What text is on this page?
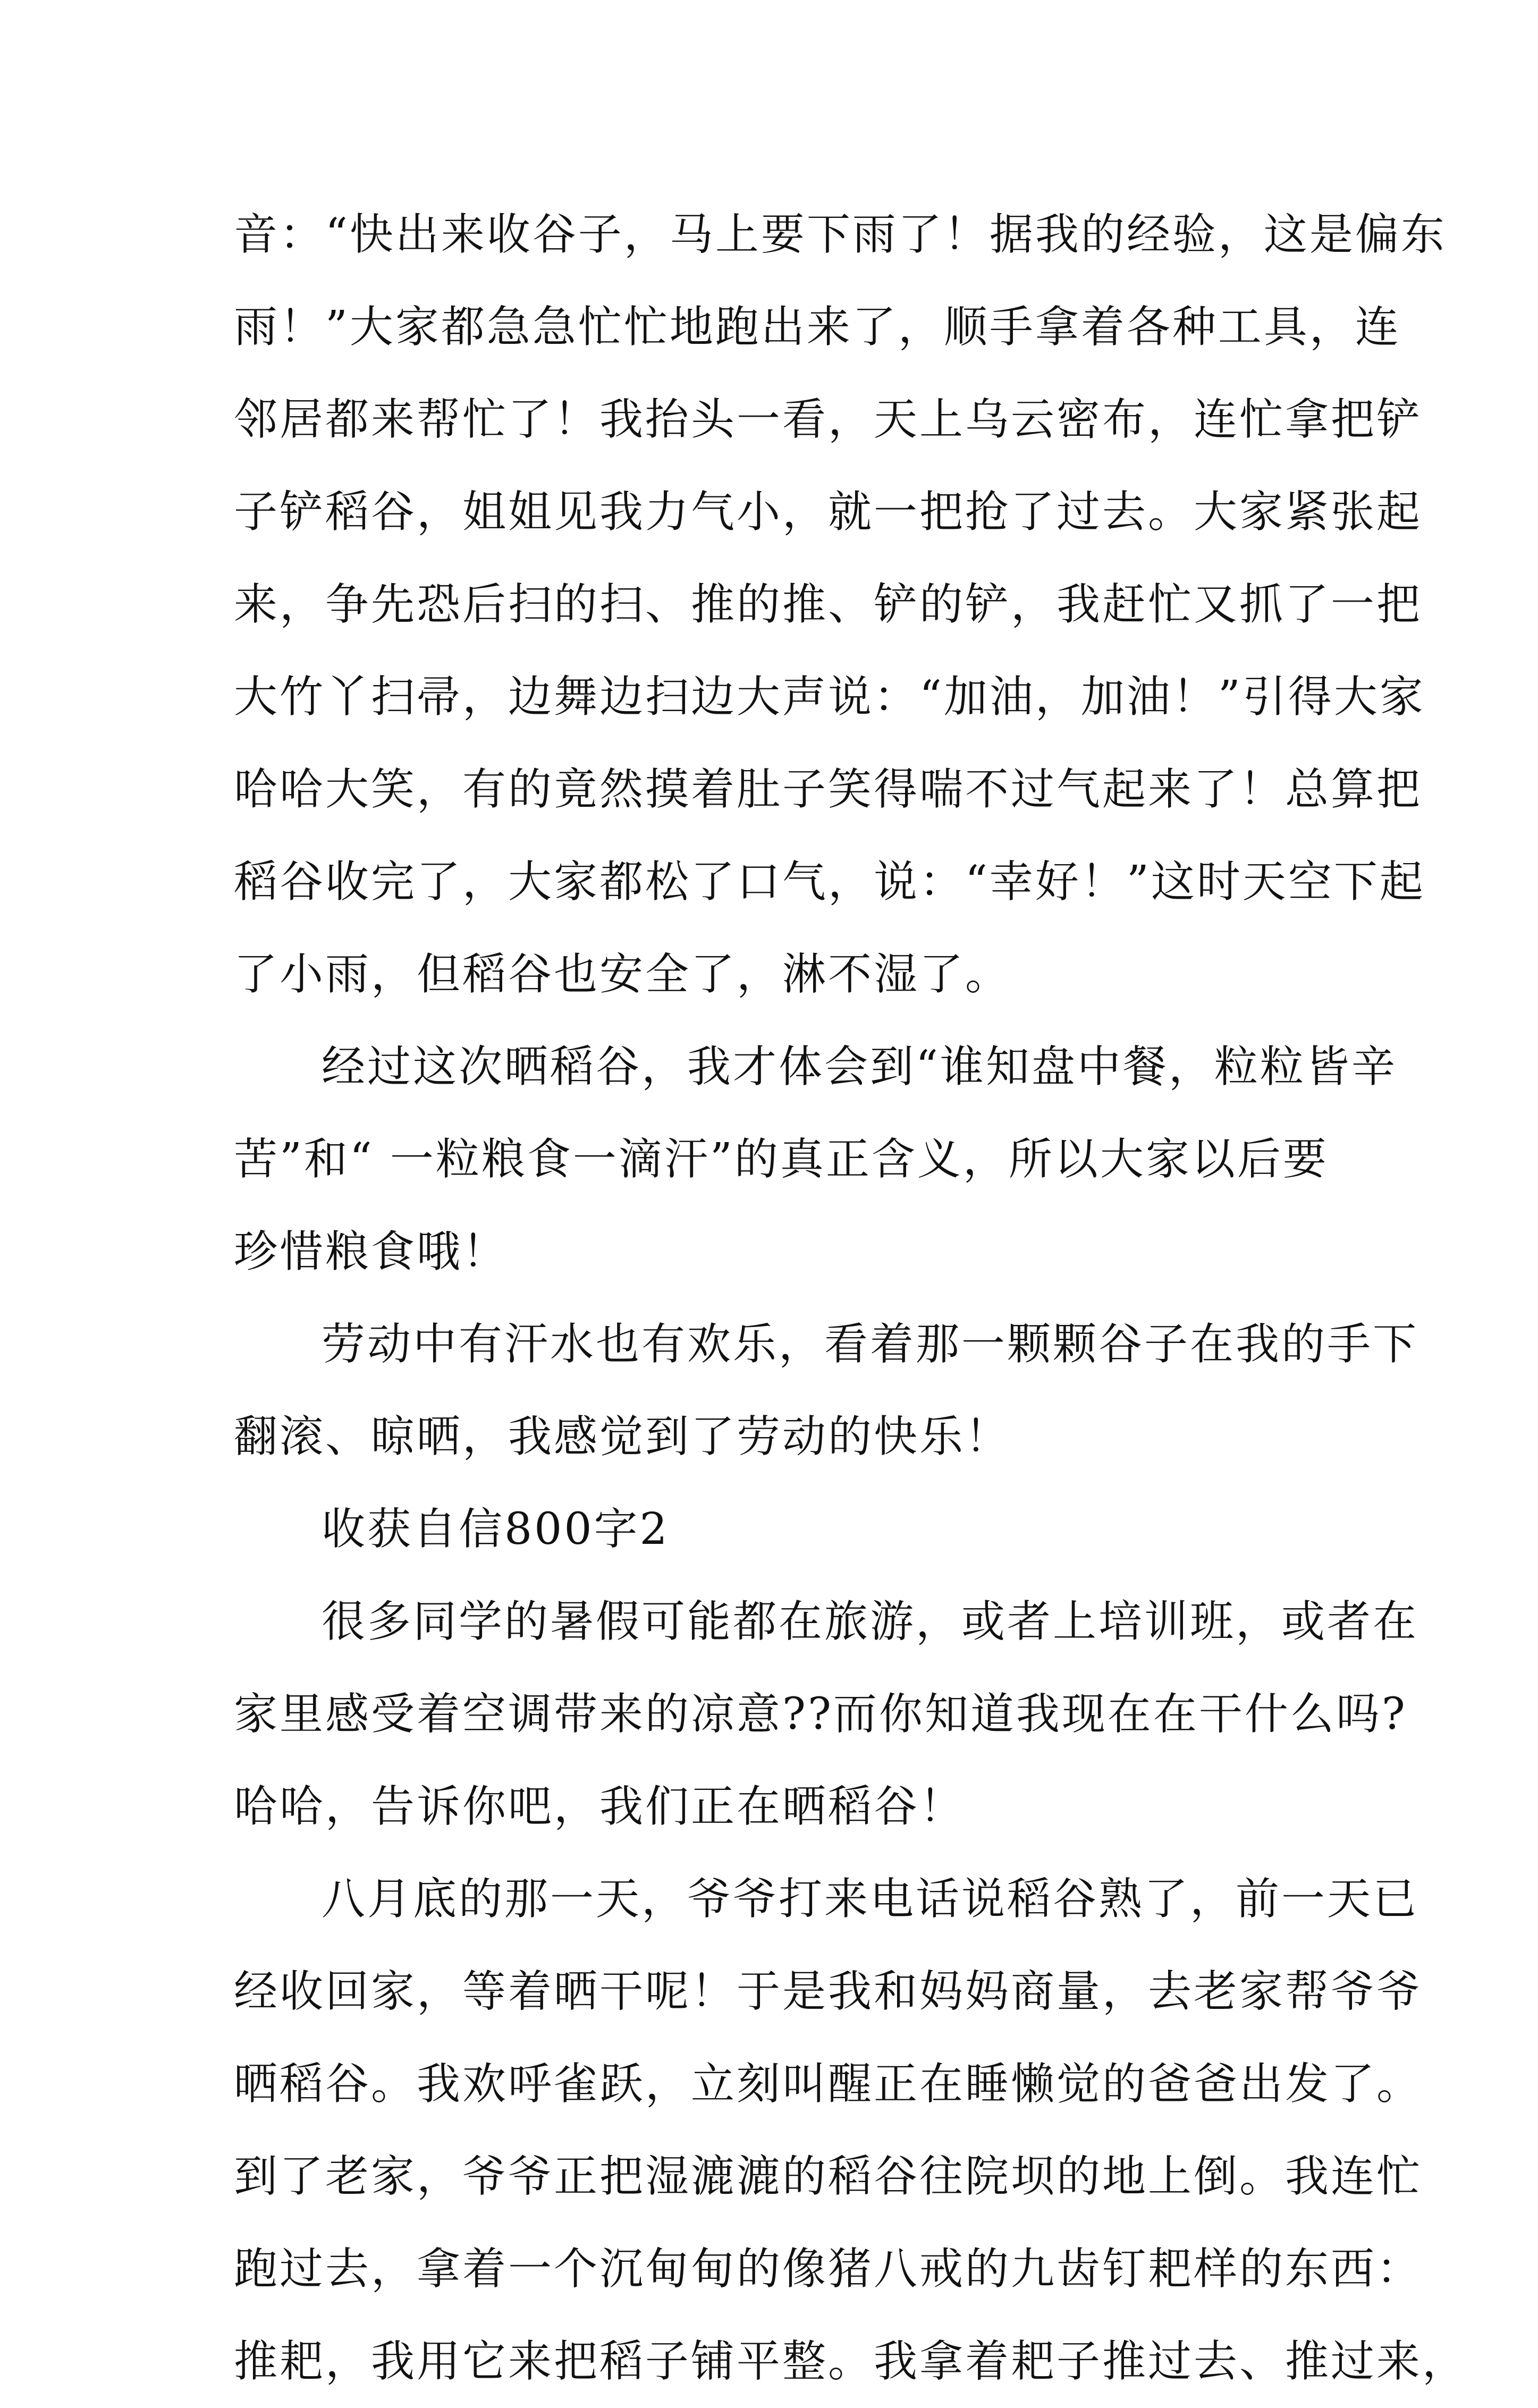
音：“快出来收谷子，马上要下雨了！据我的经验，这是偏东
雨！”大家都急急忙忙地跑出来了，顺手拿着各种工具，连
邻居都来帮忙了！我抬头一看，天上乌云密布，连忙拿把铲
子铲稻谷，姐姐见我力气小，就一把抢了过去。大家紧张起
来，争先恐后扫的扫、推的推、铲的铲，我赶忙又抓了一把
大竹丫扫帚，边舞边扫边大声说：“加油，加油！”引得大家
哈哈大笑，有的竟然摸着肚子笑得喘不过气起来了！总算把
稻谷收完了，大家都松了口气，说：“幸好！”这时天空下起
了小雨，但稻谷也安全了，淋不湿了。
经过这次晒稻谷，我才体会到“谁知盘中餐，粒粒皆辛
苦”和“ 一粒粮食一滴汗”的真正含义，所以大家以后要
珍惜粮食哦！
劳动中有汗水也有欢乐，看着那一颗颗谷子在我的手下
翻滚、晾晒，我感觉到了劳动的快乐！
收获自信800字2
很多同学的暑假可能都在旅游，或者上培训班，或者在
家里感受着空调带来的凉意??而你知道我现在在干什么吗?
哈哈，告诉你吧，我们正在晒稻谷！
八月底的那一天，爷爷打来电话说稻谷熟了，前一天已
经收回家，等着晒干呢！于是我和妈妈商量，去老家帮爷爷
晒稻谷。我欢呼雀跃，立刻叫醒正在睡懒觉的爸爸出发了。
到了老家，爷爷正把湿漉漉的稻谷往院坝的地上倒。我连忙
跑过去，拿着一个沉甸甸的像猪八戒的九齿钉耙样的东西：
推耙，我用它来把稻子铺平整。我拿着耙子推过去、推过来，
